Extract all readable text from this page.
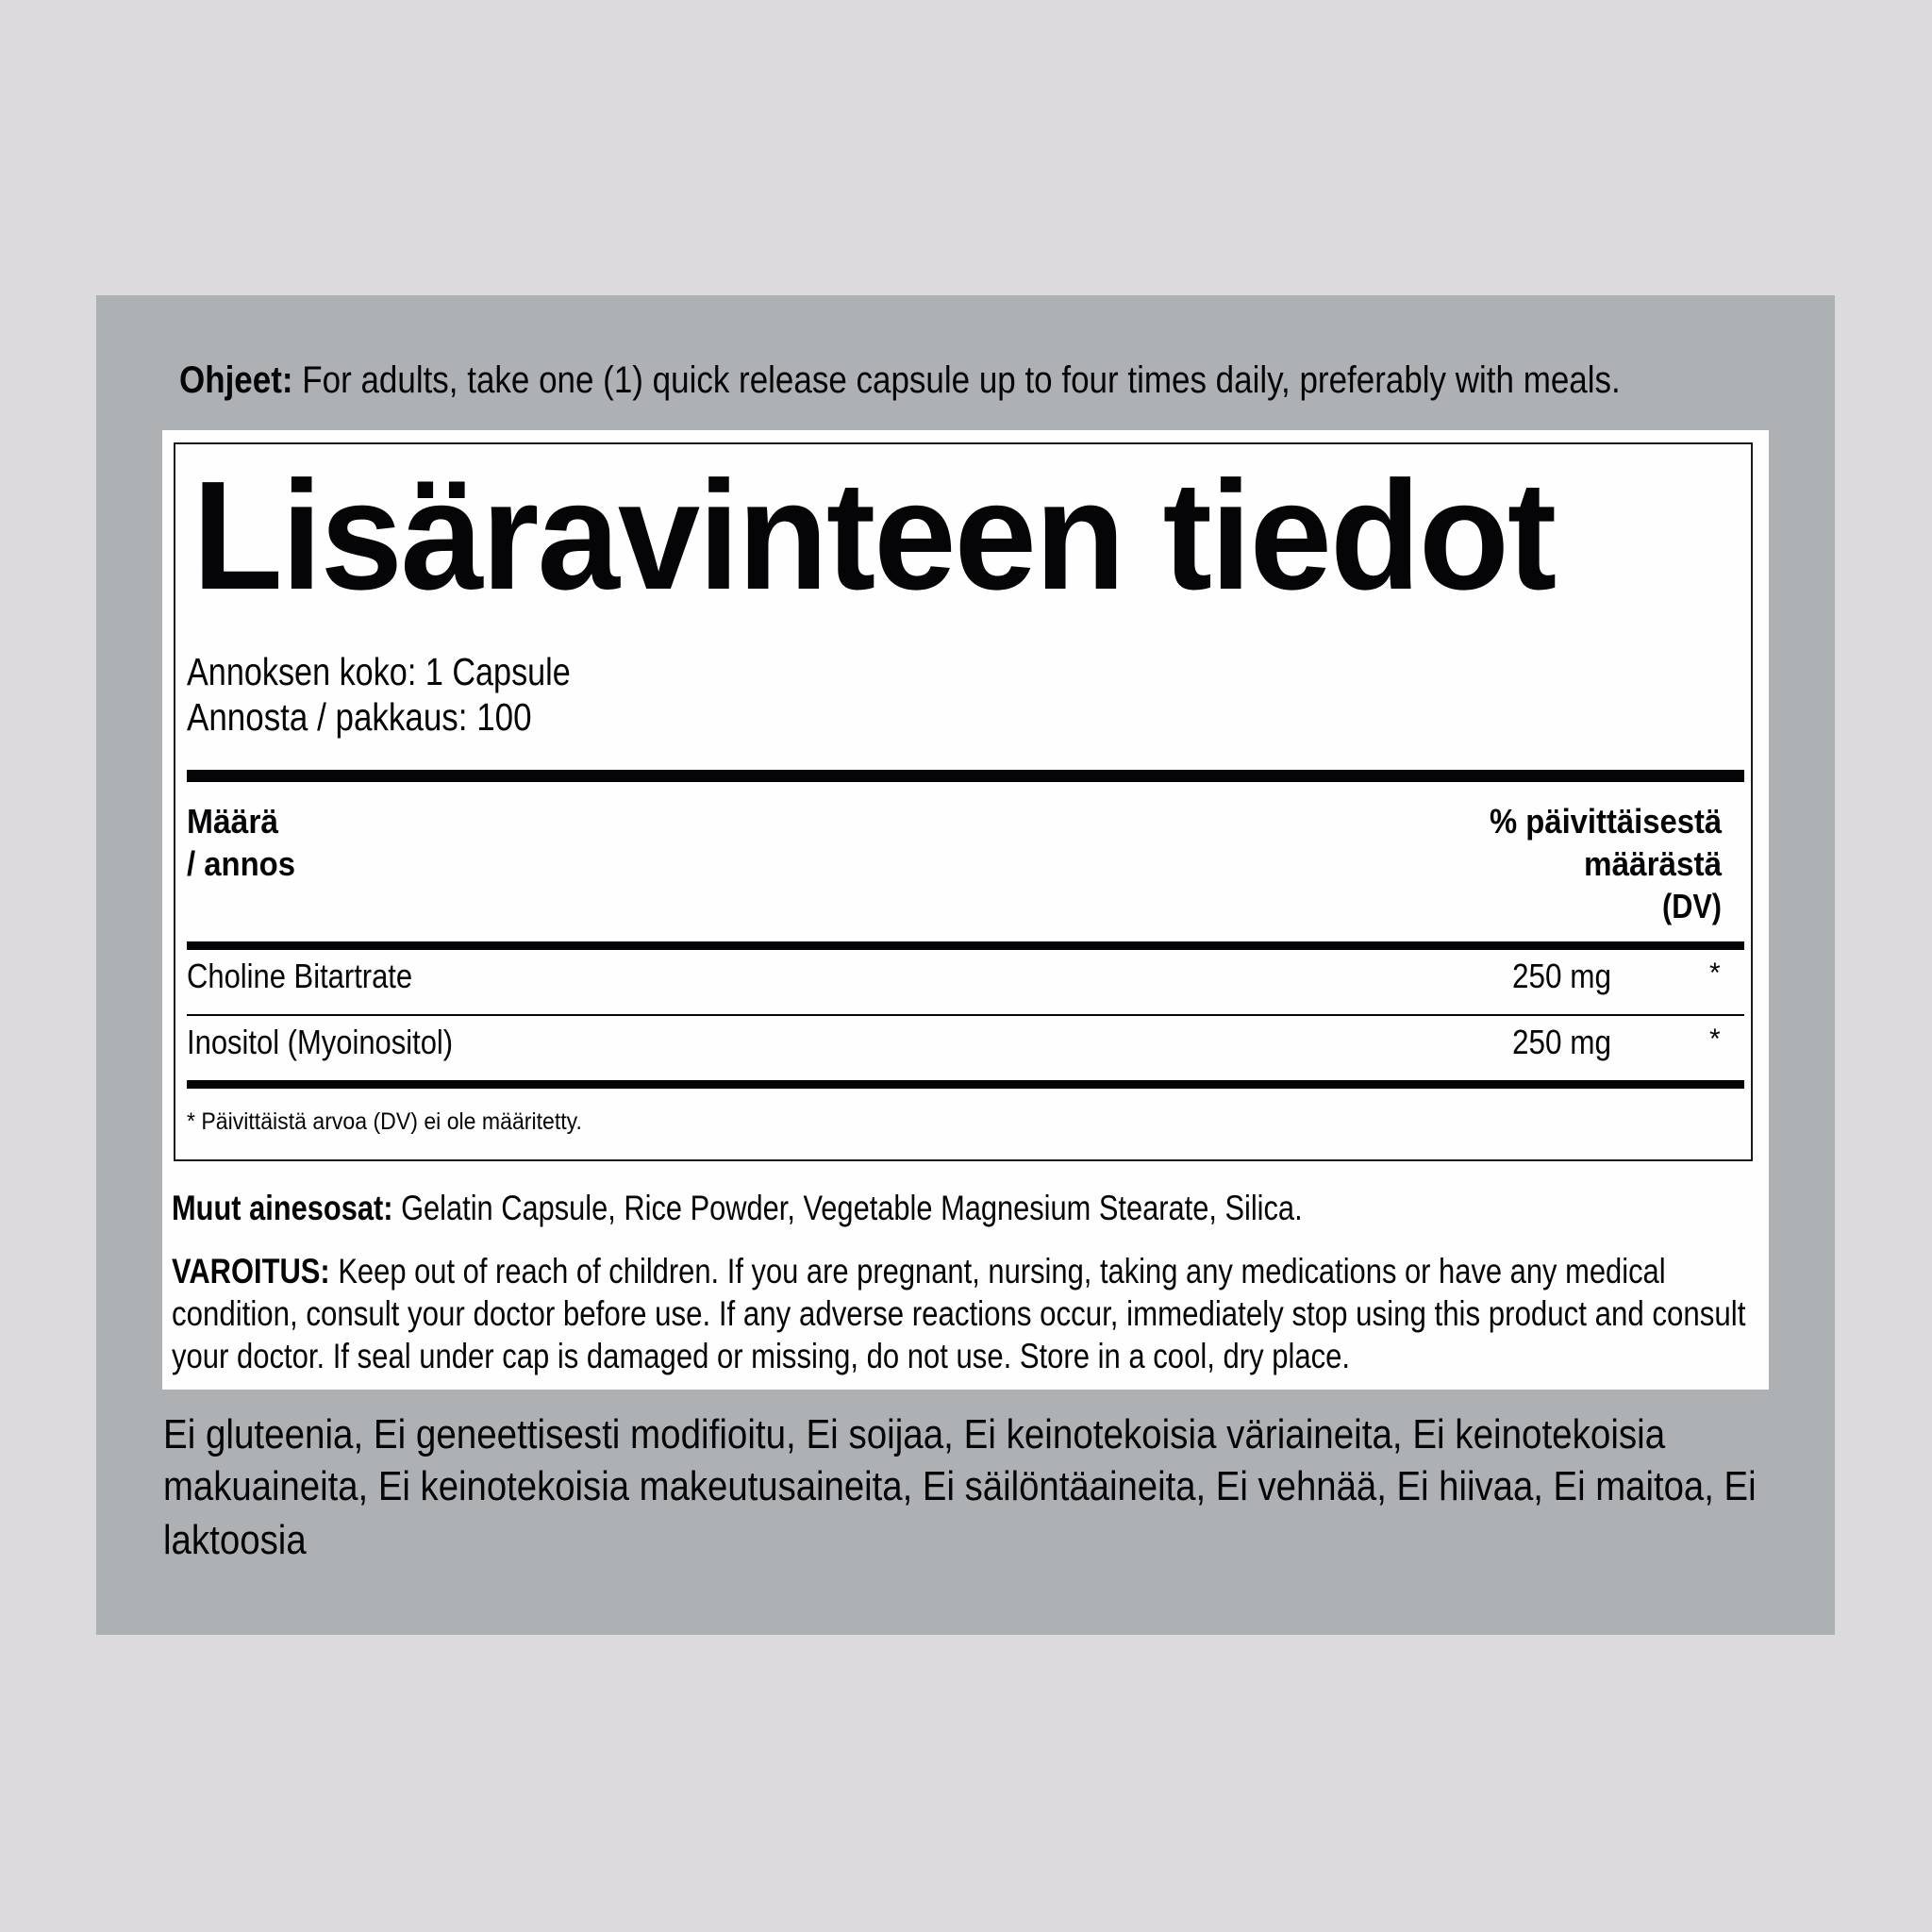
Ohjeet: For adults, take one (1) quick release capsule up to four times daily, preferably with meals.
Lisäravinteen tiedot
Annoksen koko: 1 Capsule
Annosta / pakkaus: 100
Määrä
/ annos
% päivittäisestä
määrästä
(DV)
Choline Bitartrate	250 mg	*
Inositol (Myoinositol)	250 mg	*
* Päivittäistä arvoa (DV) ei ole määritetty.
Muut ainesosat: Gelatin Capsule, Rice Powder, Vegetable Magnesium Stearate, Silica.
VAROITUS: Keep out of reach of children. If you are pregnant, nursing, taking any medications or have any medical
condition, consult your doctor before use. If any adverse reactions occur, immediately stop using this product and consult
your doctor. If seal under cap is damaged or missing, do not use. Store in a cool, dry place.
Ei gluteenia, Ei geneettisesti modifioitu, Ei soijaa, Ei keinotekoisia väriaineita, Ei keinotekoisia
makuaineita, Ei keinotekoisia makeutusaineita, Ei säilöntäaineita, Ei vehnää, Ei hiivaa, Ei maitoa, Ei
laktoosia
